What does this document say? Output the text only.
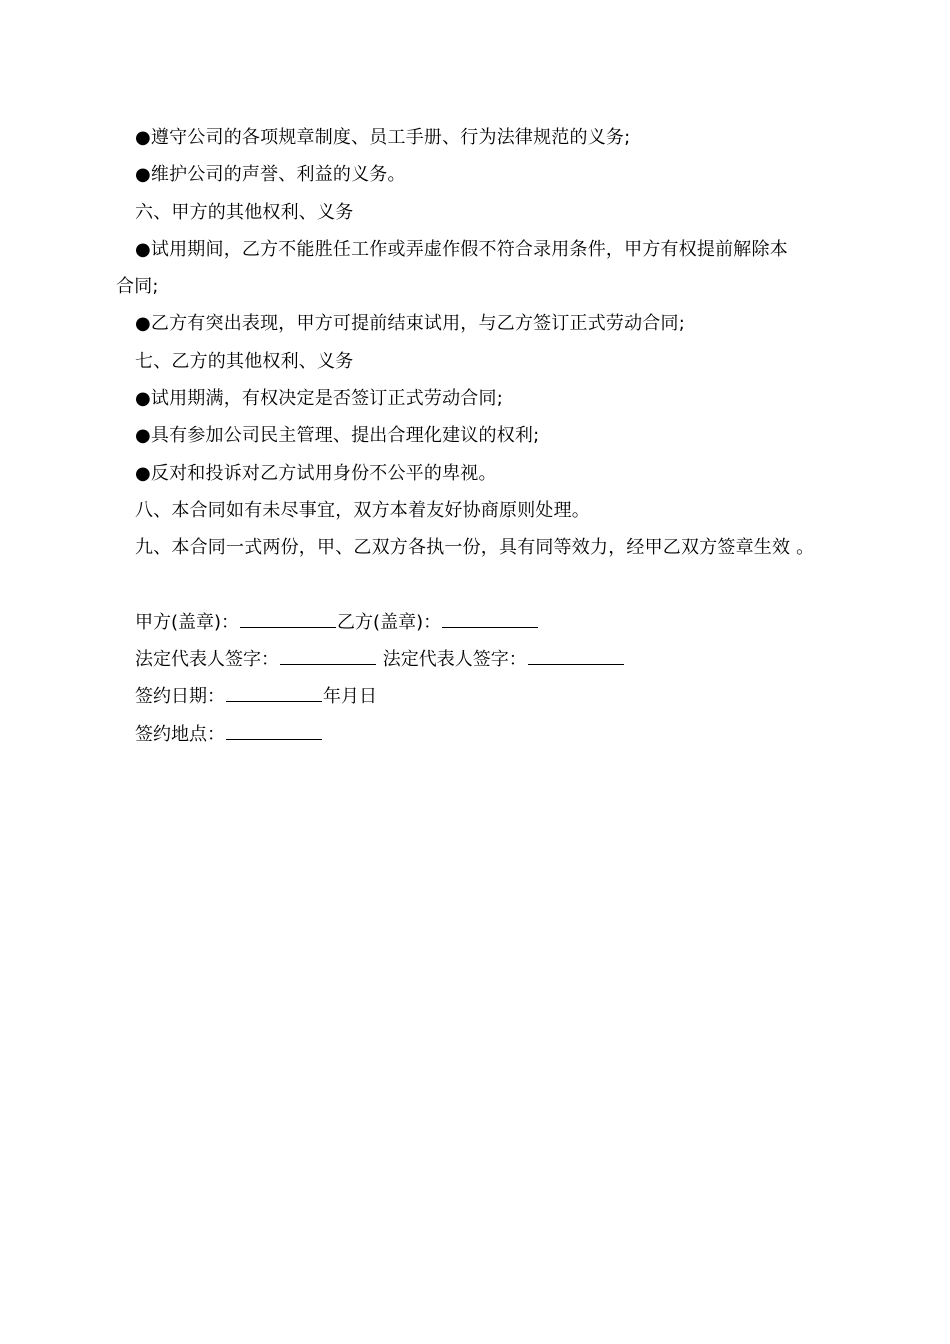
●遵守公司的各项规章制度、员工手册、行为法律规范的义务;
●维护公司的声誉、利益的义务。
六、甲方的其他权利、义务
●试用期间，乙方不能胜任工作或弄虚作假不符合录用条件，甲方有权提前解除本
合同;
●乙方有突出表现，甲方可提前结束试用，与乙方签订正式劳动合同;
七、乙方的其他权利、义务
●试用期满，有权决定是否签订正式劳动合同;
●具有参加公司民主管理、提出合理化建议的权利;
●反对和投诉对乙方试用身份不公平的卑视。
八、本合同如有未尽事宜，双方本着友好协商原则处理。
九、本合同一式两份，甲、乙双方各执一份，具有同等效力，经甲乙双方签章生效 。
甲方(盖章)：	乙方(盖章)：
法定代表人签字：	法定代表人签字：
签约日期：	年月日
签约地点：
